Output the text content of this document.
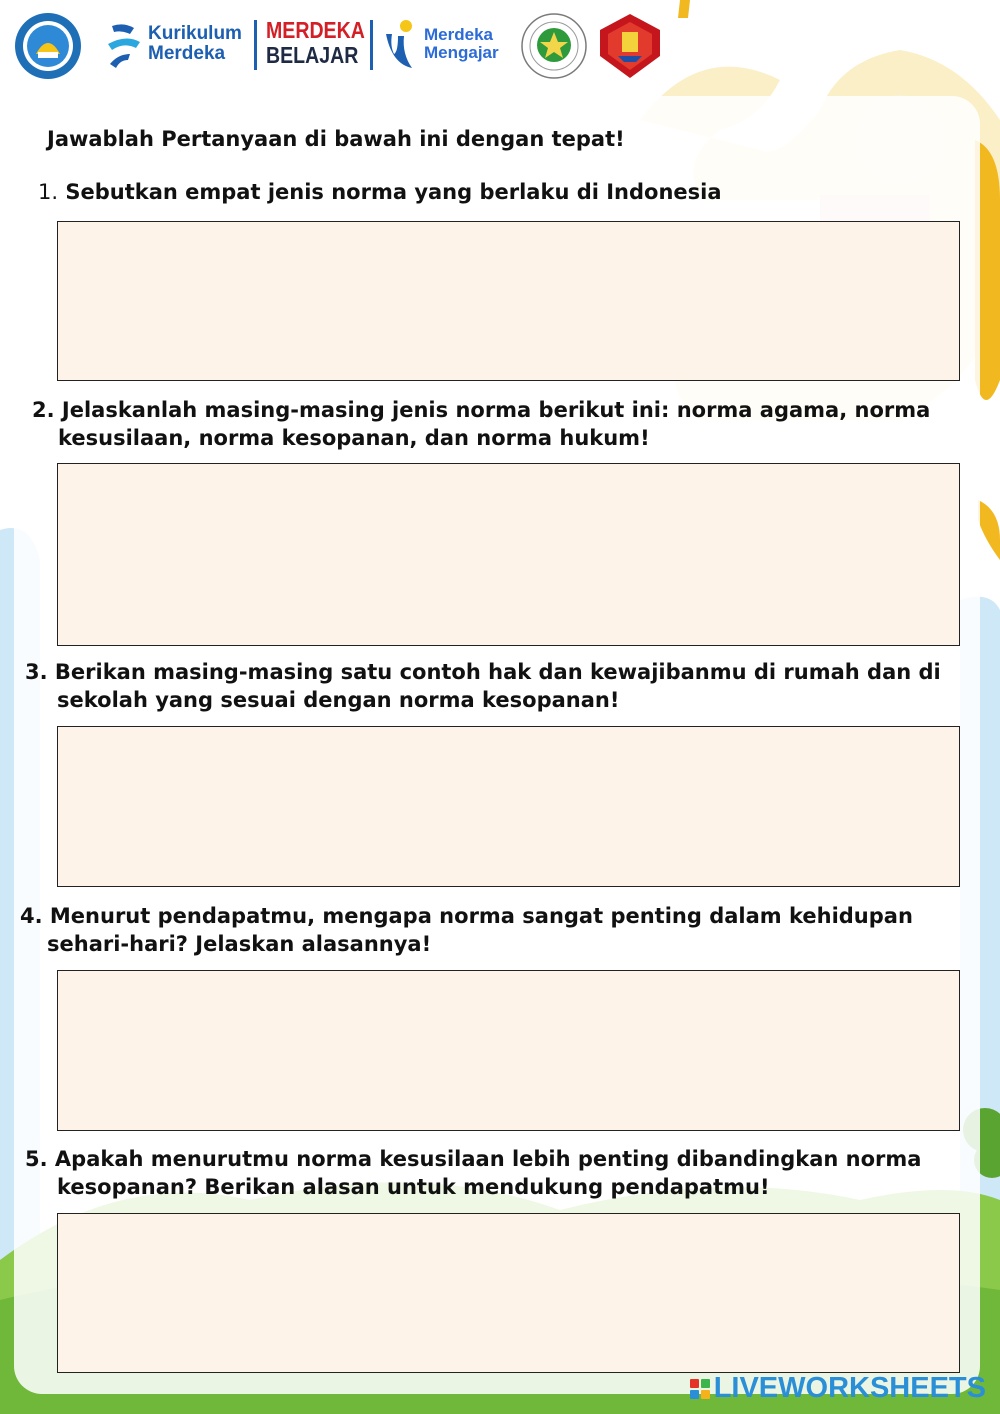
Kurikulum
Merdeka
MERDEKA
BELAJAR
Merdeka
Mengajar
Jawablah Pertanyaan di bawah ini dengan tepat!
1. Sebutkan empat jenis norma yang berlaku di Indonesia
2. Jelaskanlah masing-masing jenis norma berikut ini: norma agama, norma
kesusilaan, norma kesopanan, dan norma hukum!
3. Berikan masing-masing satu contoh hak dan kewajibanmu di rumah dan di
sekolah yang sesuai dengan norma kesopanan!
4. Menurut pendapatmu, mengapa norma sangat penting dalam kehidupan
sehari-hari? Jelaskan alasannya!
5. Apakah menurutmu norma kesusilaan lebih penting dibandingkan norma
kesopanan? Berikan alasan untuk mendukung pendapatmu!
LIVEWORKSHEETS
